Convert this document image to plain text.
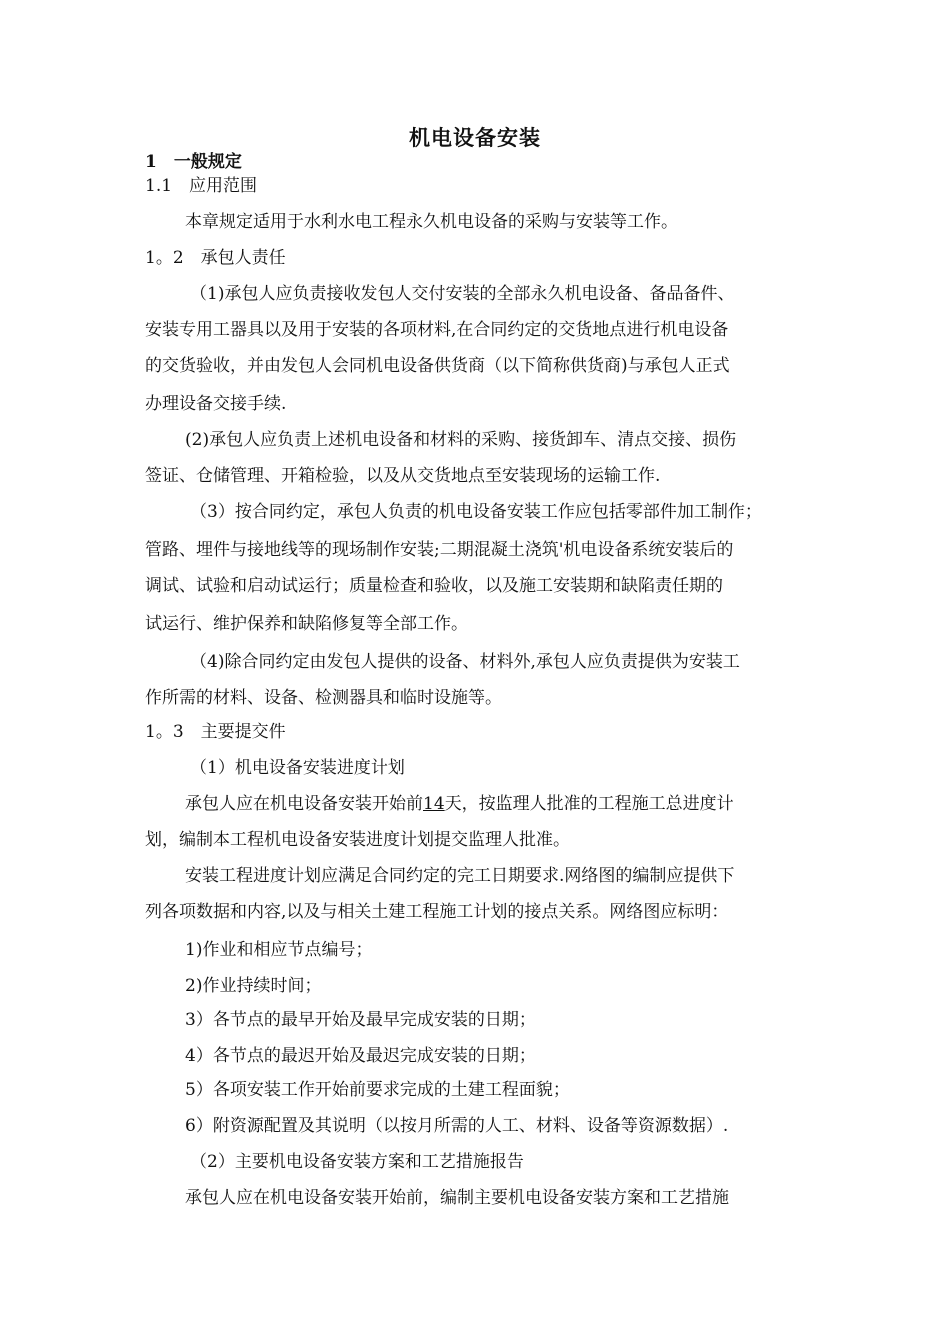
机电设备安装
1　一般规定
1.1　应用范围
本章规定适用于水利水电工程永久机电设备的采购与安装等工作。
1。2　承包人责任
（1)承包人应负责接收发包人交付安装的全部永久机电设备、备品备件、
安装专用工器具以及用于安装的各项材料,在合同约定的交货地点进行机电设备
的交货验收，并由发包人会同机电设备供货商（以下简称供货商)与承包人正式
办理设备交接手续.
(2)承包人应负责上述机电设备和材料的采购、接货卸车、清点交接、损伤
签证、仓储管理、开箱检验，以及从交货地点至安装现场的运输工作.
（3）按合同约定，承包人负责的机电设备安装工作应包括零部件加工制作；
管路、埋件与接地线等的现场制作安装;二期混凝土浇筑'机电设备系统安装后的
调试、试验和启动试运行；质量检查和验收，以及施工安装期和缺陷责任期的
试运行、维护保养和缺陷修复等全部工作。
（4)除合同约定由发包人提供的设备、材料外,承包人应负责提供为安装工
作所需的材料、设备、检测器具和临时设施等。
1。3　主要提交件
（1）机电设备安装进度计划
承包人应在机电设备安装开始前14天，按监理人批准的工程施工总进度计
划，编制本工程机电设备安装进度计划提交监理人批准。
安装工程进度计划应满足合同约定的完工日期要求.网络图的编制应提供下
列各项数据和内容,以及与相关土建工程施工计划的接点关系。网络图应标明：
1)作业和相应节点编号；
2)作业持续时间；
3）各节点的最早开始及最早完成安装的日期；
4）各节点的最迟开始及最迟完成安装的日期；
5）各项安装工作开始前要求完成的土建工程面貌；
6）附资源配置及其说明（以按月所需的人工、材料、设备等资源数据）.
（2）主要机电设备安装方案和工艺措施报告
承包人应在机电设备安装开始前，编制主要机电设备安装方案和工艺措施
